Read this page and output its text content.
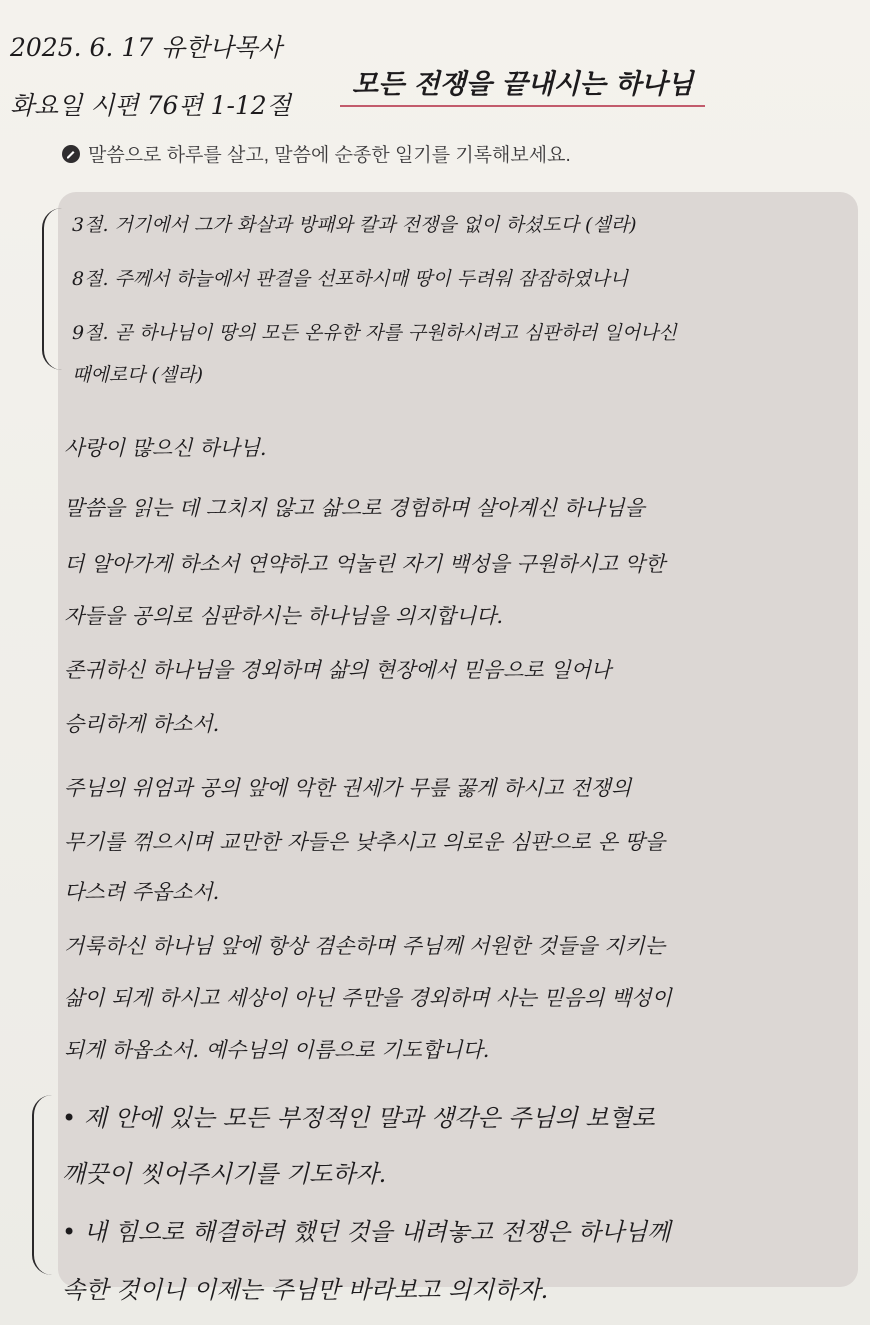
2025. 6. 17 유한나목사
화요일 시편 76편 1-12절
모든 전쟁을 끝내시는 하나님
말씀으로 하루를 살고, 말씀에 순종한 일기를 기록해보세요.
3절. 거기에서 그가 화살과 방패와 칼과 전쟁을 없이 하셨도다 (셀라)
8절. 주께서 하늘에서 판결을 선포하시매 땅이 두려워 잠잠하였나니
9절. 곧 하나님이 땅의 모든 온유한 자를 구원하시려고 심판하러 일어나신
때에로다 (셀라)
사랑이 많으신 하나님.
말씀을 읽는 데 그치지 않고 삶으로 경험하며 살아계신 하나님을
더 알아가게 하소서 연약하고 억눌린 자기 백성을 구원하시고 악한
자들을 공의로 심판하시는 하나님을 의지합니다.
존귀하신 하나님을 경외하며 삶의 현장에서 믿음으로 일어나
승리하게 하소서.
주님의 위엄과 공의 앞에 악한 권세가 무릎 꿇게 하시고 전쟁의
무기를 꺾으시며 교만한 자들은 낮추시고 의로운 심판으로 온 땅을
다스려 주옵소서.
거룩하신 하나님 앞에 항상 겸손하며 주님께 서원한 것들을 지키는
삶이 되게 하시고 세상이 아닌 주만을 경외하며 사는 믿음의 백성이
되게 하옵소서. 예수님의 이름으로 기도합니다.
• 제 안에 있는 모든 부정적인 말과 생각은 주님의 보혈로
깨끗이 씻어주시기를 기도하자.
• 내 힘으로 해결하려 했던 것을 내려놓고 전쟁은 하나님께
속한 것이니 이제는 주님만 바라보고 의지하자.
